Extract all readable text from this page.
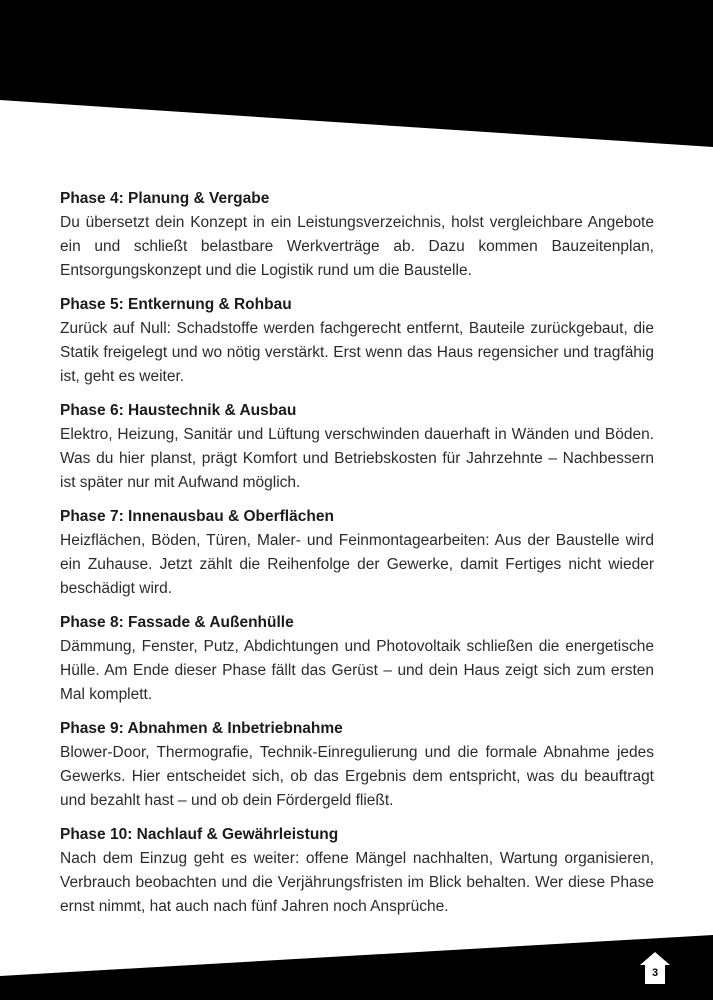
Phase 4: Planung & Vergabe

Du übersetzt dein Konzept in ein Leistungsverzeichnis, holst vergleichbare Angebote ein und schließt belastbare Werkverträge ab. Dazu kommen Bauzeitenplan, Entsorgungskonzept und die Logistik rund um die Baustelle.

Phase 5: Entkernung & Rohbau

Zurück auf Null: Schadstoffe werden fachgerecht entfernt, Bauteile zurückgebaut, die Statik freigelegt und wo nötig verstärkt. Erst wenn das Haus regensicher und tragfähig ist, geht es weiter.

Phase 6: Haustechnik & Ausbau

Elektro, Heizung, Sanitär und Lüftung verschwinden dauerhaft in Wänden und Böden. Was du hier planst, prägt Komfort und Betriebskosten für Jahrzehnte – Nachbessern ist später nur mit Aufwand möglich.

Phase 7: Innenausbau & Oberflächen

Heizflächen, Böden, Türen, Maler- und Feinmontagearbeiten: Aus der Baustelle wird ein Zuhause. Jetzt zählt die Reihenfolge der Gewerke, damit Fertiges nicht wieder beschädigt wird.

Phase 8: Fassade & Außenhülle

Dämmung, Fenster, Putz, Abdichtungen und Photovoltaik schließen die energetische Hülle. Am Ende dieser Phase fällt das Gerüst – und dein Haus zeigt sich zum ersten Mal komplett.

Phase 9: Abnahmen & Inbetriebnahme

Blower-Door, Thermografie, Technik-Einregulierung und die formale Abnahme jedes Gewerks. Hier entscheidet sich, ob das Ergebnis dem entspricht, was du beauftragt und bezahlt hast – und ob dein Fördergeld fließt.

Phase 10: Nachlauf & Gewährleistung

Nach dem Einzug geht es weiter: offene Mängel nachhalten, Wartung organisieren, Verbrauch beobachten und die Verjährungsfristen im Blick behalten. Wer diese Phase ernst nimmt, hat auch nach fünf Jahren noch Ansprüche.

3
